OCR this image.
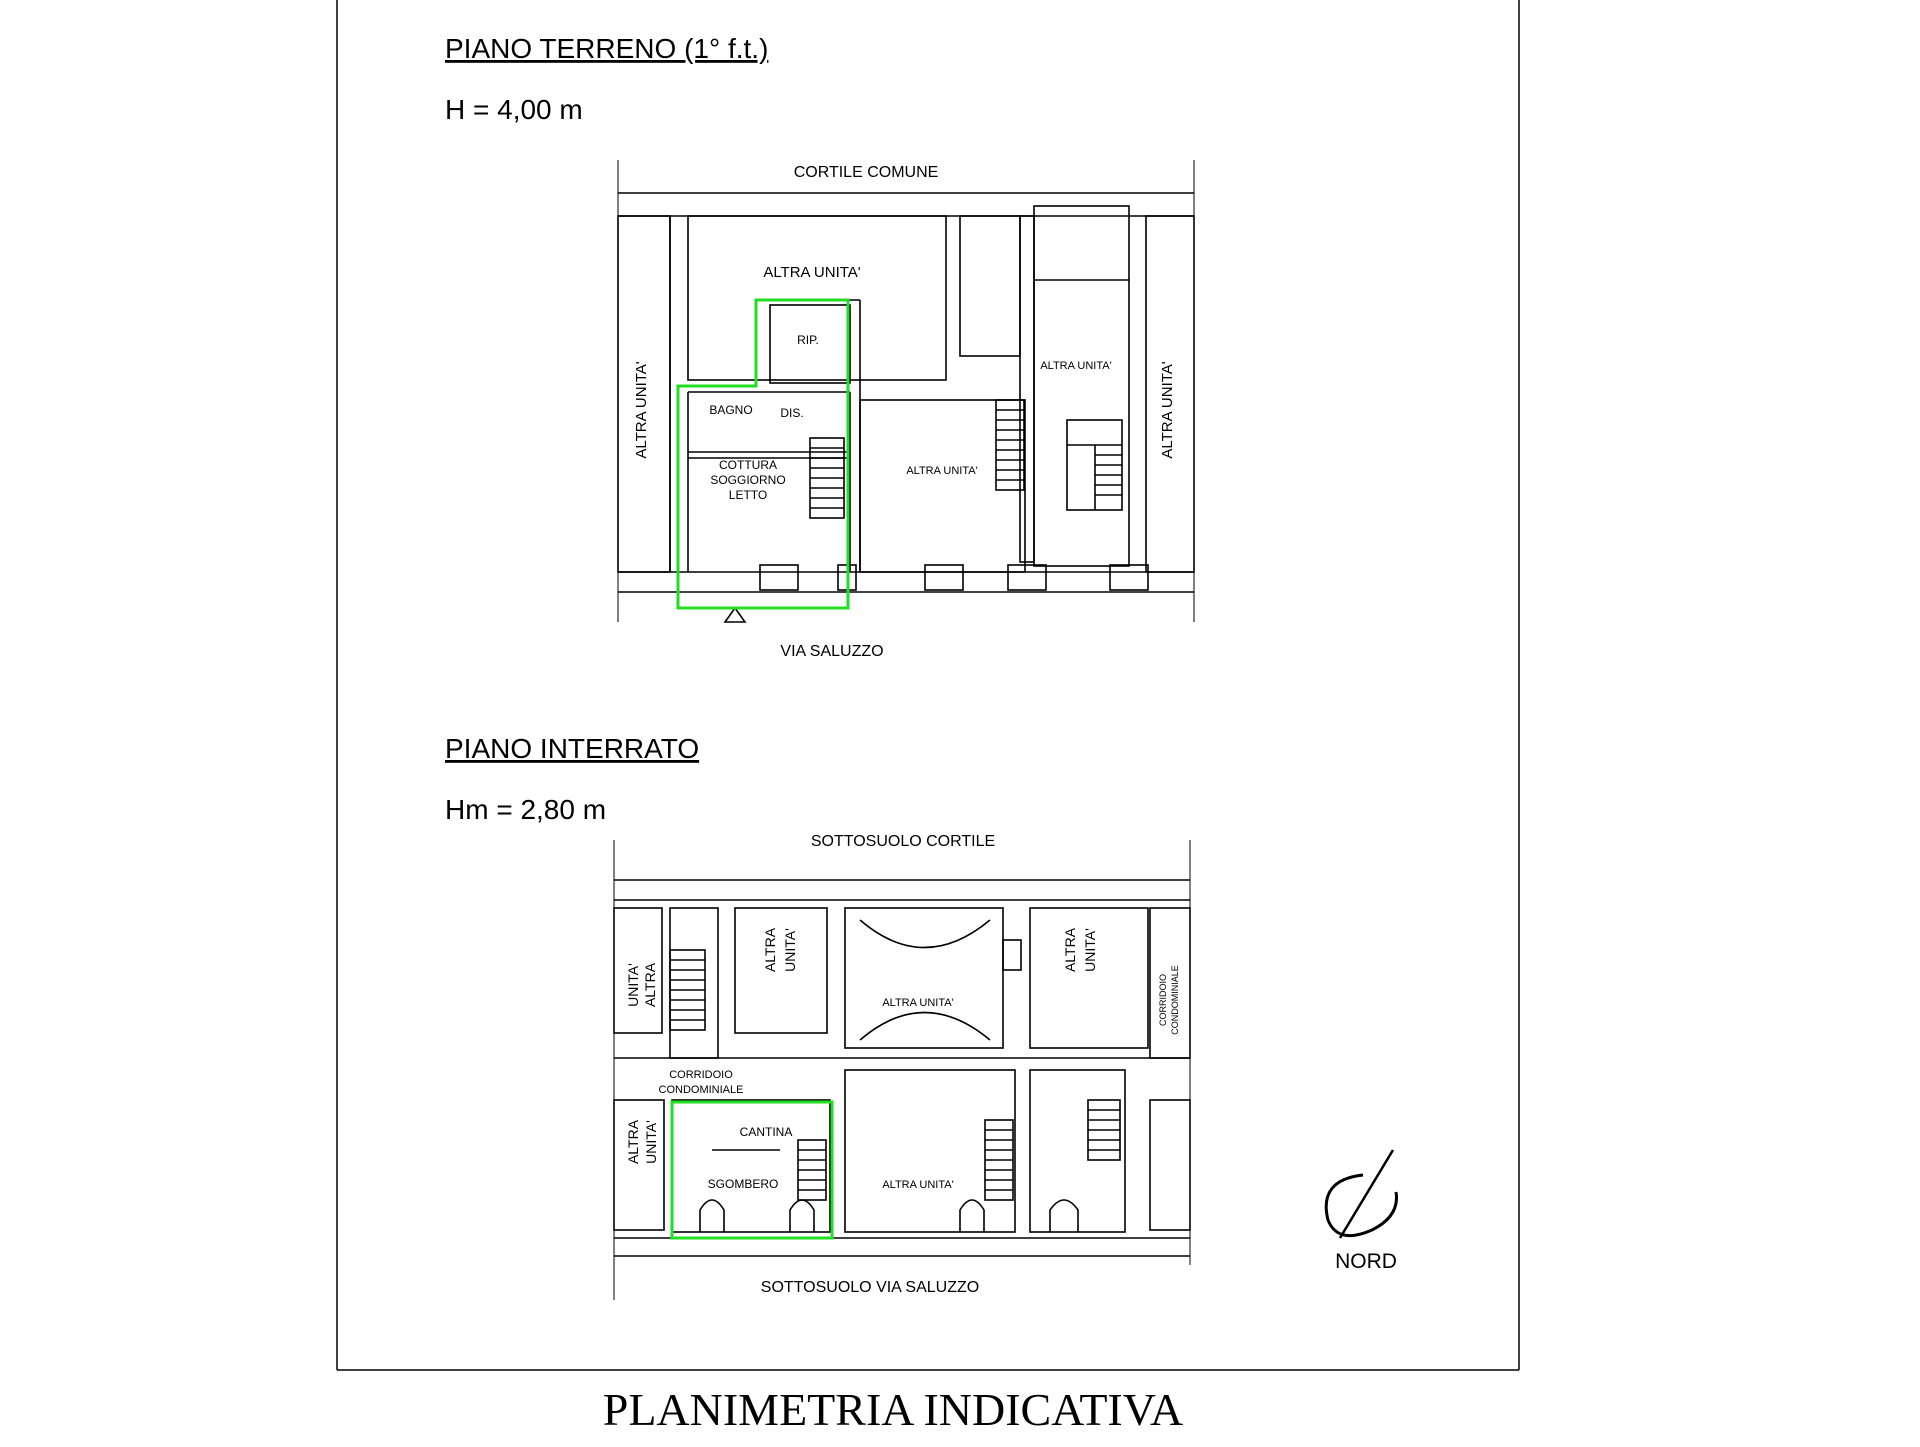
PIANO TERRENO (1° f.t.)
H = 4,00 m
CORTILE COMUNE
VIA SALUZZO
ALTRA UNITA'
ALTRA UNITA'	ALTRA UNITA'
ALTRA UNITA'
ALTRA UNITA'
RIP.
BAGNO DIS.
COTTURA
SOGGIORNO
LETTO
PIANO INTERRATO
Hm = 2,80 m
SOTTOSUOLO CORTILE
SOTTOSUOLO VIA SALUZZO
UNITA' ALTRA
ALTRA UNITA'
ALTRA UNITA'
ALTRA UNITA'
CORRIDOIO CONDOMINIALE
CORRIDOIO
CONDOMINIALE
ALTRA UNITA'	CANTINA
SGOMBERO	ALTRA UNITA'
NORD
PLANIMETRIA INDICATIVA
